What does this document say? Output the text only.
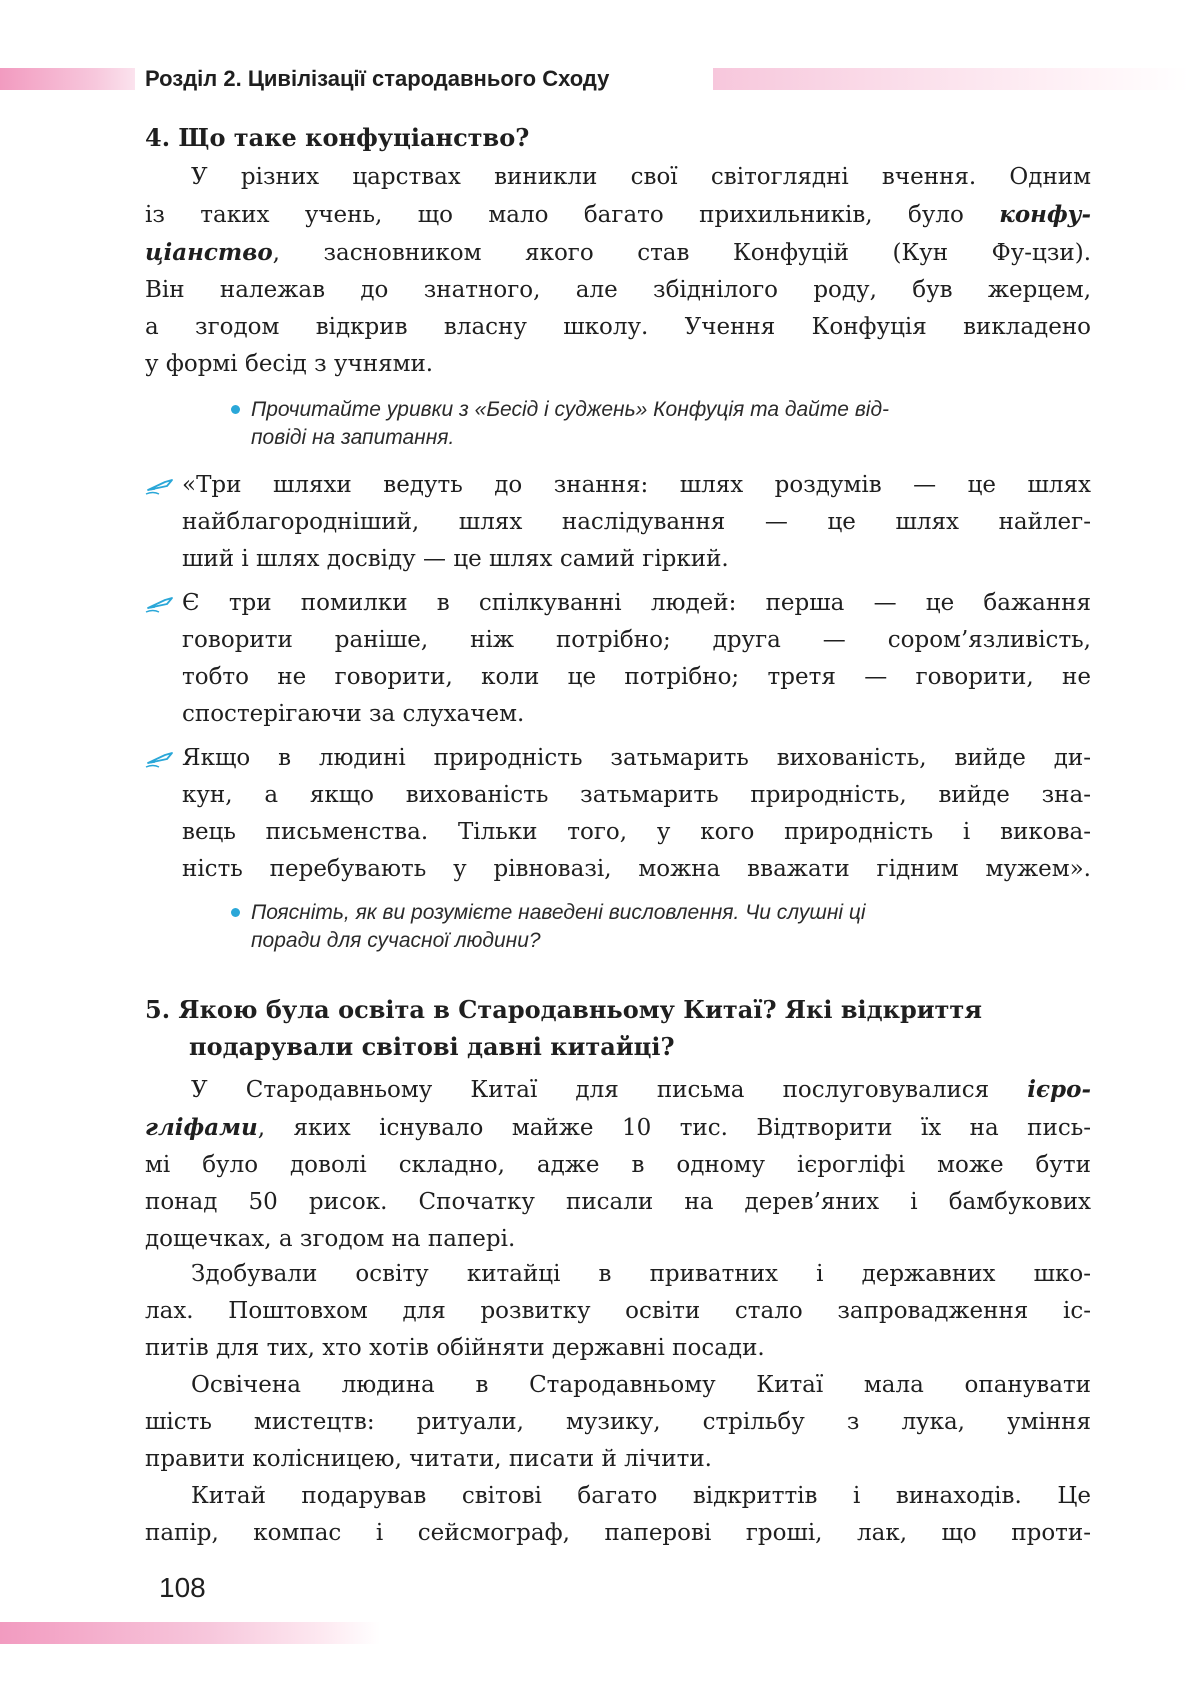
Розділ 2. Цивілізації стародавнього Сходу
4. Що таке конфуціанство?
У різних царствах виникли свої світоглядні вчення. Одним
із таких учень, що мало багато прихильників, було конфу-
ціанство, засновником якого став Конфуцій (Кун Фу-цзи).
Він належав до знатного, але збіднілого роду, був жерцем,
а згодом відкрив власну школу. Учення Конфуція викладено
у формі бесід з учнями.
Прочитайте уривки з «Бесід і суджень» Конфуція та дайте від-
повіді на запитання.
«Три шляхи ведуть до знання: шлях роздумів — це шлях
найблагородніший, шлях наслідування — це шлях найлег-
ший і шлях досвіду — це шлях самий гіркий.
Є три помилки в спілкуванні людей: перша — це бажання
говорити раніше, ніж потрібно; друга — сором’язливість,
тобто не говорити, коли це потрібно; третя — говорити, не
спостерігаючи за слухачем.
Якщо в людині природність затьмарить вихованість, вийде ди-
кун, а якщо вихованість затьмарить природність, вийде зна-
вець письменства. Тільки того, у кого природність і викова-
ність перебувають у рівновазі, можна вважати гідним мужем».
Поясніть, як ви розумієте наведені висловлення. Чи слушні ці
поради для сучасної людини?
5. Якою була освіта в Стародавньому Китаї? Які відкриття
подарували світові давні китайці?
У Стародавньому Китаї для письма послуговувалися ієро-
гліфами, яких існувало майже 10 тис. Відтворити їх на пись-
мі було доволі складно, адже в одному ієрогліфі може бути
понад 50 рисок. Спочатку писали на дерев’яних і бамбукових
дощечках, а згодом на папері.
Здобували освіту китайці в приватних і державних шко-
лах. Поштовхом для розвитку освіти стало запровадження іс-
питів для тих, хто хотів обійняти державні посади.
Освічена людина в Стародавньому Китаї мала опанувати
шість мистецтв: ритуали, музику, стрільбу з лука, уміння
правити колісницею, читати, писати й лічити.
Китай подарував світові багато відкриттів і винаходів. Це
папір, компас і сейсмограф, паперові гроші, лак, що проти-
108
